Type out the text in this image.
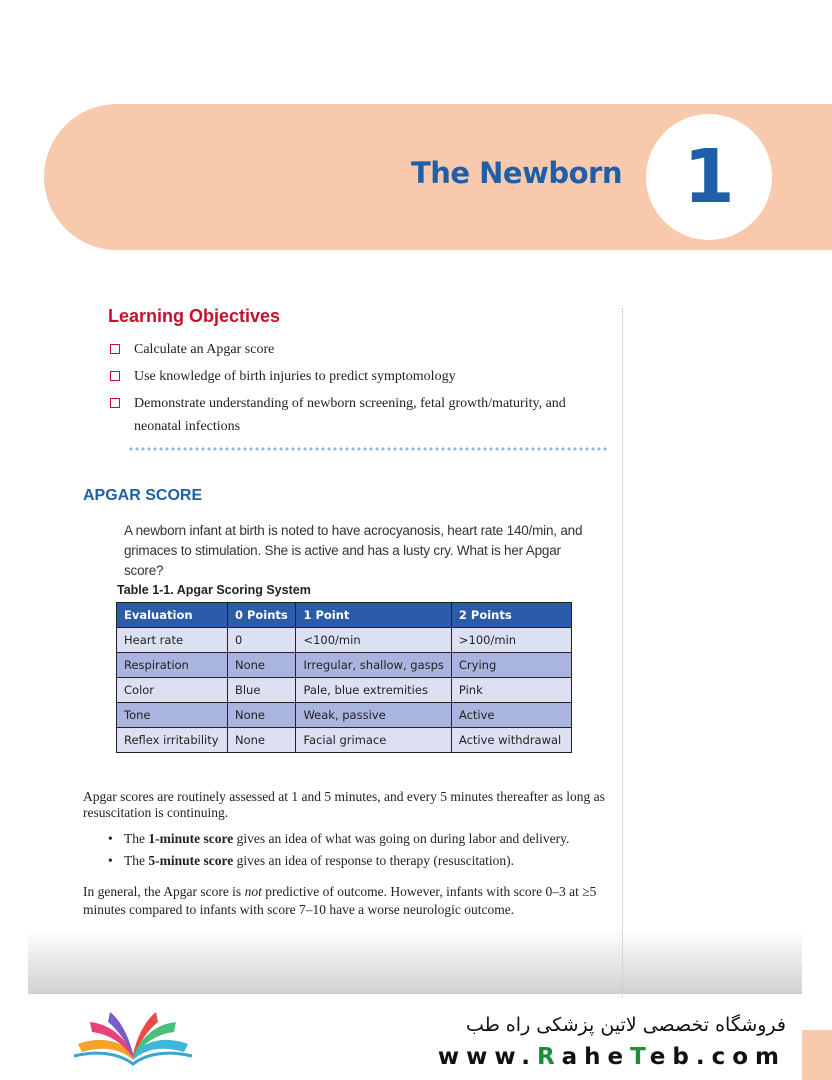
The Newborn 1
Learning Objectives
Calculate an Apgar score
Use knowledge of birth injuries to predict symptomology
Demonstrate understanding of newborn screening, fetal growth/maturity, and neonatal infections
APGAR SCORE
A newborn infant at birth is noted to have acrocyanosis, heart rate 140/min, and grimaces to stimulation. She is active and has a lusty cry. What is her Apgar score?
Table 1-1. Apgar Scoring System
Evaluation	0 Points	1 Point	2 Points
Heart rate	0	<100/min	>100/min
Respiration	None	Irregular, shallow, gasps	Crying
Color	Blue	Pale, blue extremities	Pink
Tone	None	Weak, passive	Active
Reflex irritability	None	Facial grimace	Active withdrawal
Apgar scores are routinely assessed at 1 and 5 minutes, and every 5 minutes thereafter as long as resuscitation is continuing.
• The 1-minute score gives an idea of what was going on during labor and delivery.
• The 5-minute score gives an idea of response to therapy (resuscitation).
In general, the Apgar score is not predictive of outcome. However, infants with score 0–3 at ≥5 minutes compared to infants with score 7–10 have a worse neurologic outcome.
فروشگاه تخصصی لاتین پزشکی راه طب
www.RaheTeb.com
